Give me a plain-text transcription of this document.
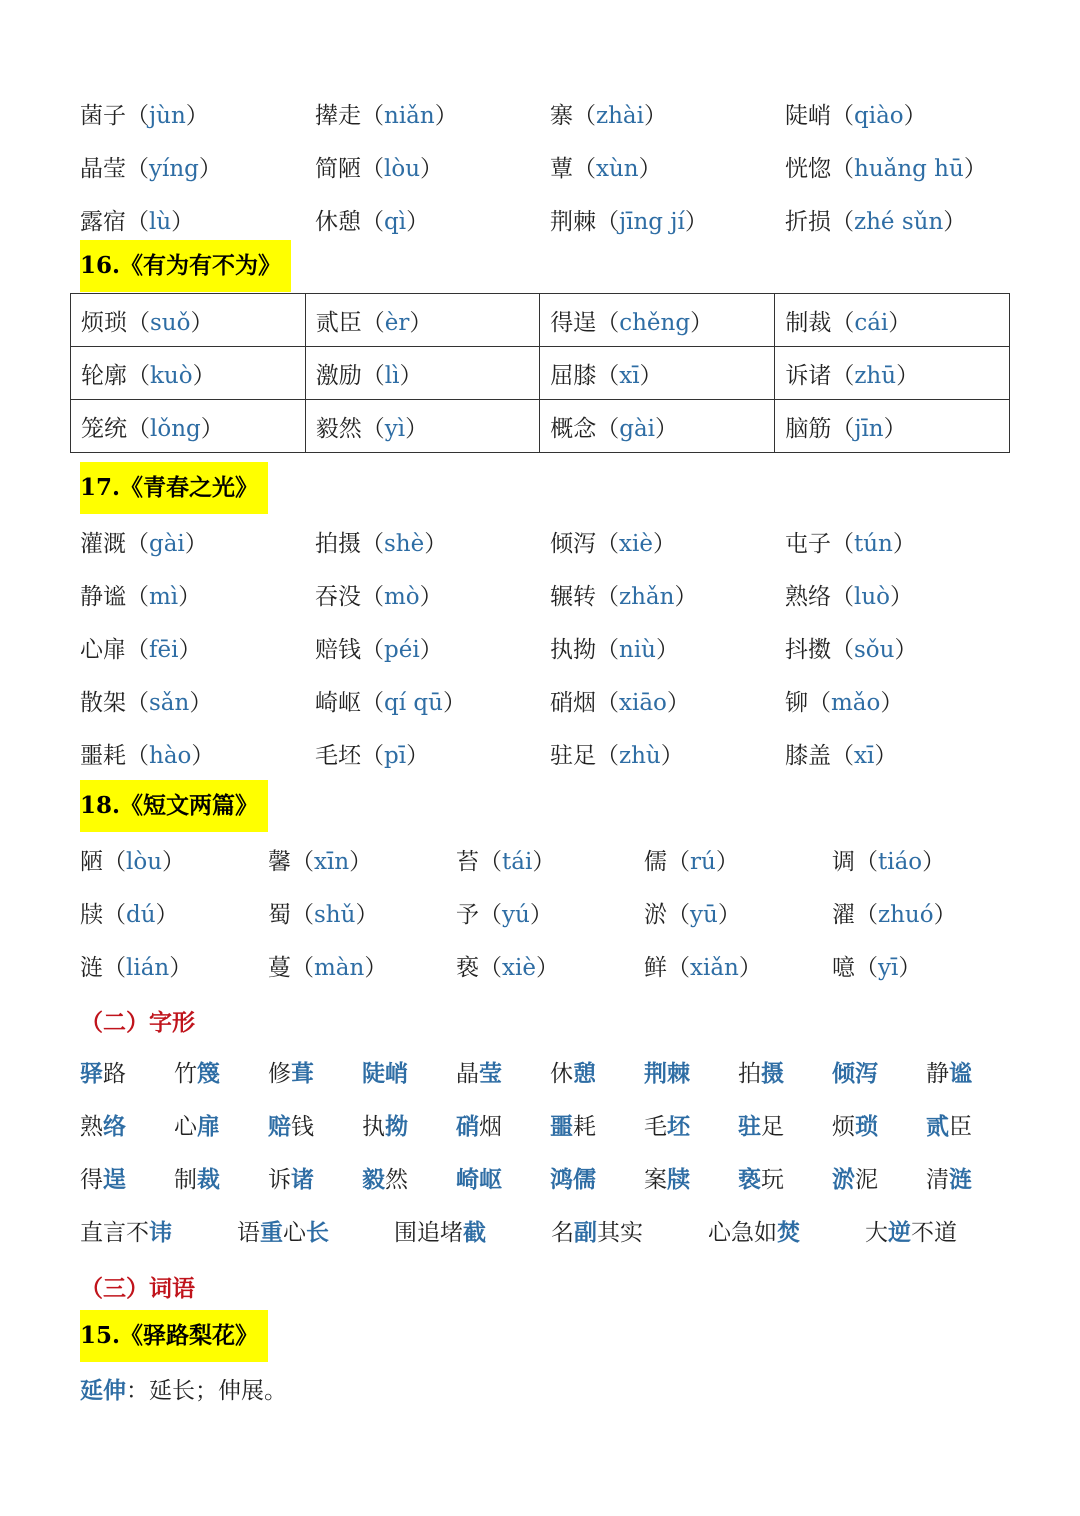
菌子（jùn）	撵走（niǎn）	寨（zhài）	陡峭（qiào）
晶莹（yíng）	简陋（lòu）	蕈（xùn）	恍惚（huǎng hū）
露宿（lù）	休憩（qì）	荆棘（jīng jí）	折损（zhé sǔn）
16.《有为有不为》
烦琐（suǒ）	贰臣（èr）	得逞（chěng）	制裁（cái）
轮廓（kuò）	激励（lì）	屈膝（xī）	诉诸（zhū）
笼统（lǒng）	毅然（yì）	概念（gài）	脑筋（jīn）
17.《青春之光》
灌溉（gài）	拍摄（shè）	倾泻（xiè）	屯子（tún）
静谧（mì）	吞没（mò）	辗转（zhǎn）	熟络（luò）
心扉（fēi）	赔钱（péi）	执拗（niù）	抖擞（sǒu）
散架（sǎn）	崎岖（qí qū）	硝烟（xiāo）	铆（mǎo）
噩耗（hào）	毛坯（pī）	驻足（zhù）	膝盖（xī）
18.《短文两篇》
陋（lòu）	馨（xīn）	苔（tái）	儒（rú）	调（tiáo）
牍（dú）	蜀（shǔ）	予（yú）	淤（yū）	濯（zhuó）
涟（lián）	蔓（màn）	亵（xiè）	鲜（xiǎn）	噫（yī）
（二）字形
驿路	竹篾	修葺	陡峭	晶莹	休憩	荆棘	拍摄	倾泻	静谧
熟络	心扉	赔钱	执拗	硝烟	噩耗	毛坯	驻足	烦琐	贰臣
得逞	制裁	诉诸	毅然	崎岖	鸿儒	案牍	亵玩	淤泥	清涟
直言不讳	语重心长	围追堵截	名副其实	心急如焚	大逆不道
（三）词语
15.《驿路梨花》
延伸：延长；伸展。
